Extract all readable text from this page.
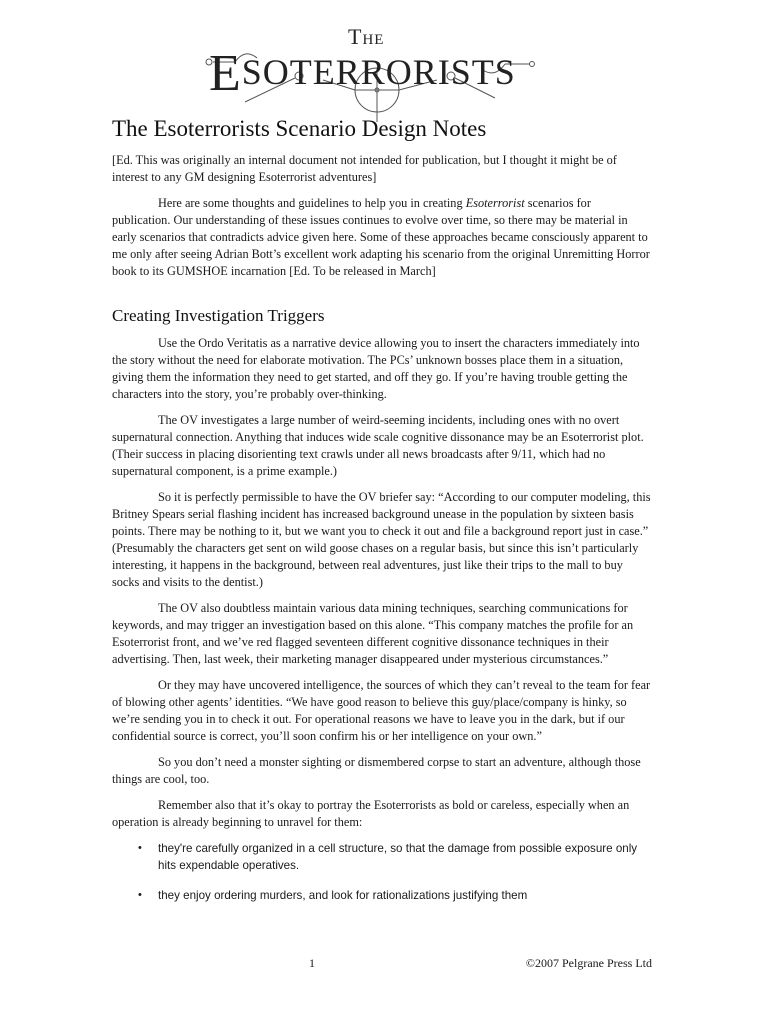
The
ESOTERRORISTS
The Esoterrorists Scenario Design Notes

[Ed. This was originally an internal document not intended for publication, but I thought it might be of interest to any GM designing Esoterrorist adventures]

Here are some thoughts and guidelines to help you in creating Esoterrorist scenarios for publication. Our understanding of these issues continues to evolve over time, so there may be material in early scenarios that contradicts advice given here. Some of these approaches became consciously apparent to me only after seeing Adrian Bott’s excellent work adapting his scenario from the original Unremitting Horror book to its GUMSHOE incarnation [Ed. To be released in March]

Creating Investigation Triggers

Use the Ordo Veritatis as a narrative device allowing you to insert the characters immediately into the story without the need for elaborate motivation. The PCs’ unknown bosses place them in a situation, giving them the information they need to get started, and off they go. If you’re having trouble getting the characters into the story, you’re probably over-thinking.

The OV investigates a large number of weird-seeming incidents, including ones with no overt supernatural connection. Anything that induces wide scale cognitive dissonance may be an Esoterrorist plot. (Their success in placing disorienting text crawls under all news broadcasts after 9/11, which had no supernatural component, is a prime example.)

So it is perfectly permissible to have the OV briefer say: “According to our computer modeling, this Britney Spears serial flashing incident has increased background unease in the population by sixteen basis points. There may be nothing to it, but we want you to check it out and file a background report just in case.” (Presumably the characters get sent on wild goose chases on a regular basis, but since this isn’t particularly interesting, it happens in the background, between real adventures, just like their trips to the mall to buy socks and visits to the dentist.)

The OV also doubtless maintain various data mining techniques, searching communications for keywords, and may trigger an investigation based on this alone. “This company matches the profile for an Esoterrorist front, and we’ve red flagged seventeen different cognitive dissonance techniques in their advertising. Then, last week, their marketing manager disappeared under mysterious circumstances.”

Or they may have uncovered intelligence, the sources of which they can’t reveal to the team for fear of blowing other agents’ identities. “We have good reason to believe this guy/place/company is hinky, so we’re sending you in to check it out. For operational reasons we have to leave you in the dark, but if our confidential source is correct, you’ll soon confirm his or her intelligence on your own.”

So you don’t need a monster sighting or dismembered corpse to start an adventure, although those things are cool, too.

Remember also that it’s okay to portray the Esoterrorists as bold or careless, especially when an operation is already beginning to unravel for them:

• they're carefully organized in a cell structure, so that the damage from possible exposure only hits expendable operatives.
• they enjoy ordering murders, and look for rationalizations justifying them
1	©2007 Pelgrane Press Ltd
